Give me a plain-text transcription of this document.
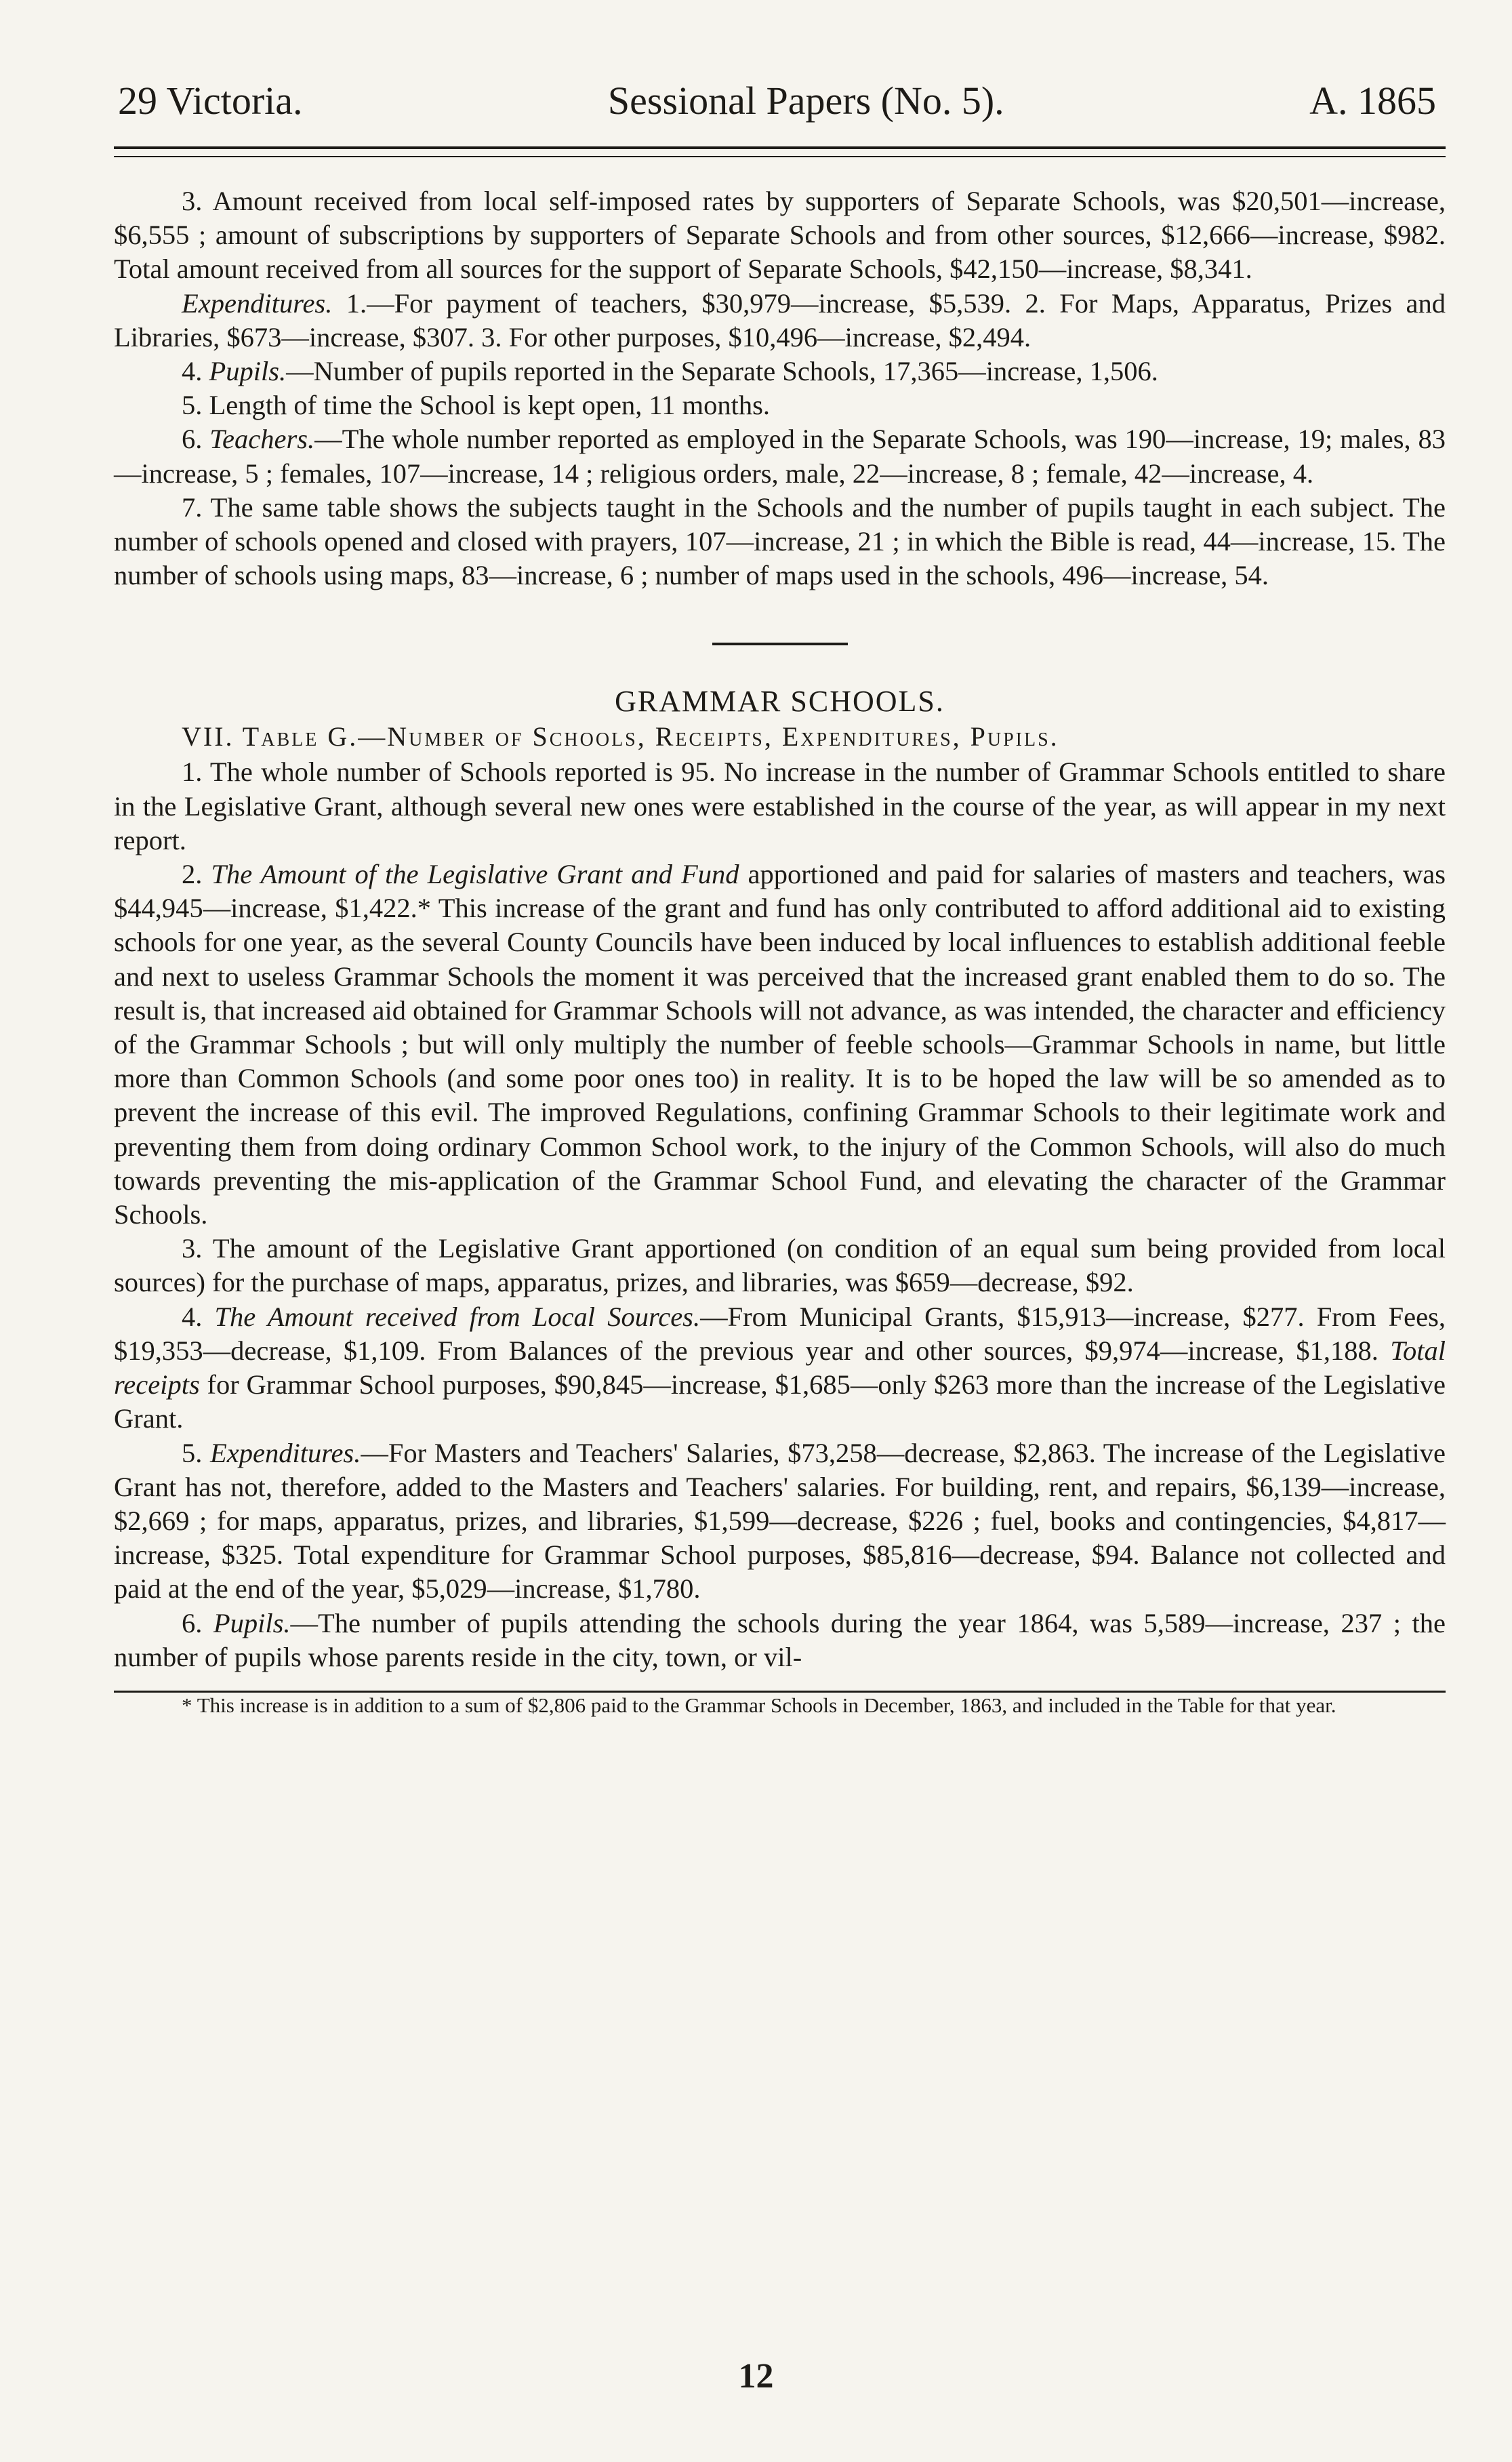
29 Victoria.	Sessional Papers (No. 5).	A. 1865

3. Amount received from local self-imposed rates by supporters of Separate Schools, was $20,501—increase, $6,555 ; amount of subscriptions by supporters of Separate Schools and from other sources, $12,666—increase, $982. Total amount received from all sources for the support of Separate Schools, $42,150—increase, $8,341.

Expenditures. 1.—For payment of teachers, $30,979—increase, $5,539. 2. For Maps, Apparatus, Prizes and Libraries, $673—increase, $307. 3. For other purposes, $10,496—increase, $2,494.

4. Pupils.—Number of pupils reported in the Separate Schools, 17,365—increase, 1,506.

5. Length of time the School is kept open, 11 months.

6. Teachers.—The whole number reported as employed in the Separate Schools, was 190—increase, 19; males, 83—increase, 5 ; females, 107—increase, 14 ; religious orders, male, 22—increase, 8 ; female, 42—increase, 4.

7. The same table shows the subjects taught in the Schools and the number of pupils taught in each subject. The number of schools opened and closed with prayers, 107—increase, 21 ; in which the Bible is read, 44—increase, 15. The number of schools using maps, 83—increase, 6 ; number of maps used in the schools, 496—increase, 54.

GRAMMAR SCHOOLS.

VII. Table G.—Number of Schools, Receipts, Expenditures, Pupils.

1. The whole number of Schools reported is 95. No increase in the number of Grammar Schools entitled to share in the Legislative Grant, although several new ones were established in the course of the year, as will appear in my next report.

2. The Amount of the Legislative Grant and Fund apportioned and paid for salaries of masters and teachers, was $44,945—increase, $1,422.* This increase of the grant and fund has only contributed to afford additional aid to existing schools for one year, as the several County Councils have been induced by local influences to establish additional feeble and next to useless Grammar Schools the moment it was perceived that the increased grant enabled them to do so. The result is, that increased aid obtained for Grammar Schools will not advance, as was intended, the character and efficiency of the Grammar Schools ; but will only multiply the number of feeble schools—Grammar Schools in name, but little more than Common Schools (and some poor ones too) in reality. It is to be hoped the law will be so amended as to prevent the increase of this evil. The improved Regulations, confining Grammar Schools to their legitimate work and preventing them from doing ordinary Common School work, to the injury of the Common Schools, will also do much towards preventing the mis-application of the Grammar School Fund, and elevating the character of the Grammar Schools.

3. The amount of the Legislative Grant apportioned (on condition of an equal sum being provided from local sources) for the purchase of maps, apparatus, prizes, and libraries, was $659—decrease, $92.

4. The Amount received from Local Sources.—From Municipal Grants, $15,913—increase, $277. From Fees, $19,353—decrease, $1,109. From Balances of the previous year and other sources, $9,974—increase, $1,188. Total receipts for Grammar School purposes, $90,845—increase, $1,685—only $263 more than the increase of the Legislative Grant.

5. Expenditures.—For Masters and Teachers' Salaries, $73,258—decrease, $2,863. The increase of the Legislative Grant has not, therefore, added to the Masters and Teachers' salaries. For building, rent, and repairs, $6,139—increase, $2,669 ; for maps, apparatus, prizes, and libraries, $1,599—decrease, $226 ; fuel, books and contingencies, $4,817—increase, $325. Total expenditure for Grammar School purposes, $85,816—decrease, $94. Balance not collected and paid at the end of the year, $5,029—increase, $1,780.

6. Pupils.—The number of pupils attending the schools during the year 1864, was 5,589—increase, 237 ; the number of pupils whose parents reside in the city, town, or vil-

* This increase is in addition to a sum of $2,806 paid to the Grammar Schools in December, 1863, and included in the Table for that year.

12
